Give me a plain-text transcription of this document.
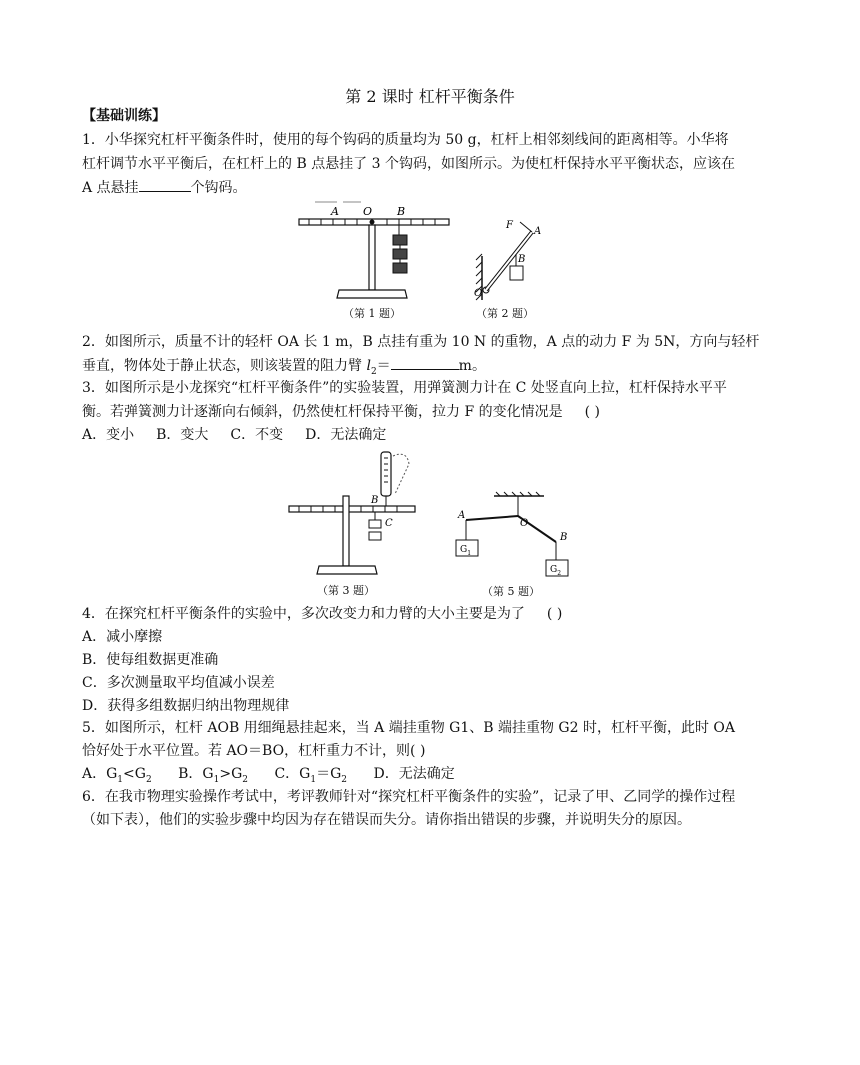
第 2 课时 杠杆平衡条件
【基础训练】
1．小华探究杠杆平衡条件时，使用的每个钩码的质量均为 50 g，杠杆上相邻刻线间的距离相等。小华将
杠杆调节水平平衡后，在杠杆上的 B 点悬挂了 3 个钩码，如图所示。为使杠杆保持水平平衡状态，应该在
A 点悬挂	个钩码。
A O B
（第 1 题）
F
A
B
O
（第 2 题）
2．如图所示，质量不计的轻杆 OA 长 1 m，B 点挂有重为 10 N 的重物，A 点的动力 F 为 5N，方向与轻杆
垂直，物体处于静止状态，则该装置的阻力臂 $l_2=$	m。
3．如图所示是小龙探究“杠杆平衡条件”的实验装置，用弹簧测力计在 C 处竖直向上拉，杠杆保持水平平
衡。若弹簧测力计逐渐向右倾斜，仍然使杠杆保持平衡，拉力 F 的变化情况是 ( )
A．变小 B．变大 C．不变 D．无法确定
B
C
（第 3 题）
A
O
B
$G_1$
$G_2$
（第 5 题）
4．在探究杠杆平衡条件的实验中，多次改变力和力臂的大小主要是为了 ( )
A．减小摩擦
B．使每组数据更准确
C．多次测量取平均值减小误差
D．获得多组数据归纳出物理规律
5．如图所示，杠杆 AOB 用细绳悬挂起来，当 A 端挂重物 G1、B 端挂重物 G2 时，杠杆平衡，此时 OA
恰好处于水平位置。若 AO＝BO，杠杆重力不计，则( )
A．$G_1<G_2$ B．$G_1>G_2$ C．$G_1=G_2$ D．无法确定
6．在我市物理实验操作考试中，考评教师针对“探究杠杆平衡条件的实验”，记录了甲、乙同学的操作过程
（如下表），他们的实验步骤中均因为存在错误而失分。请你指出错误的步骤，并说明失分的原因。
